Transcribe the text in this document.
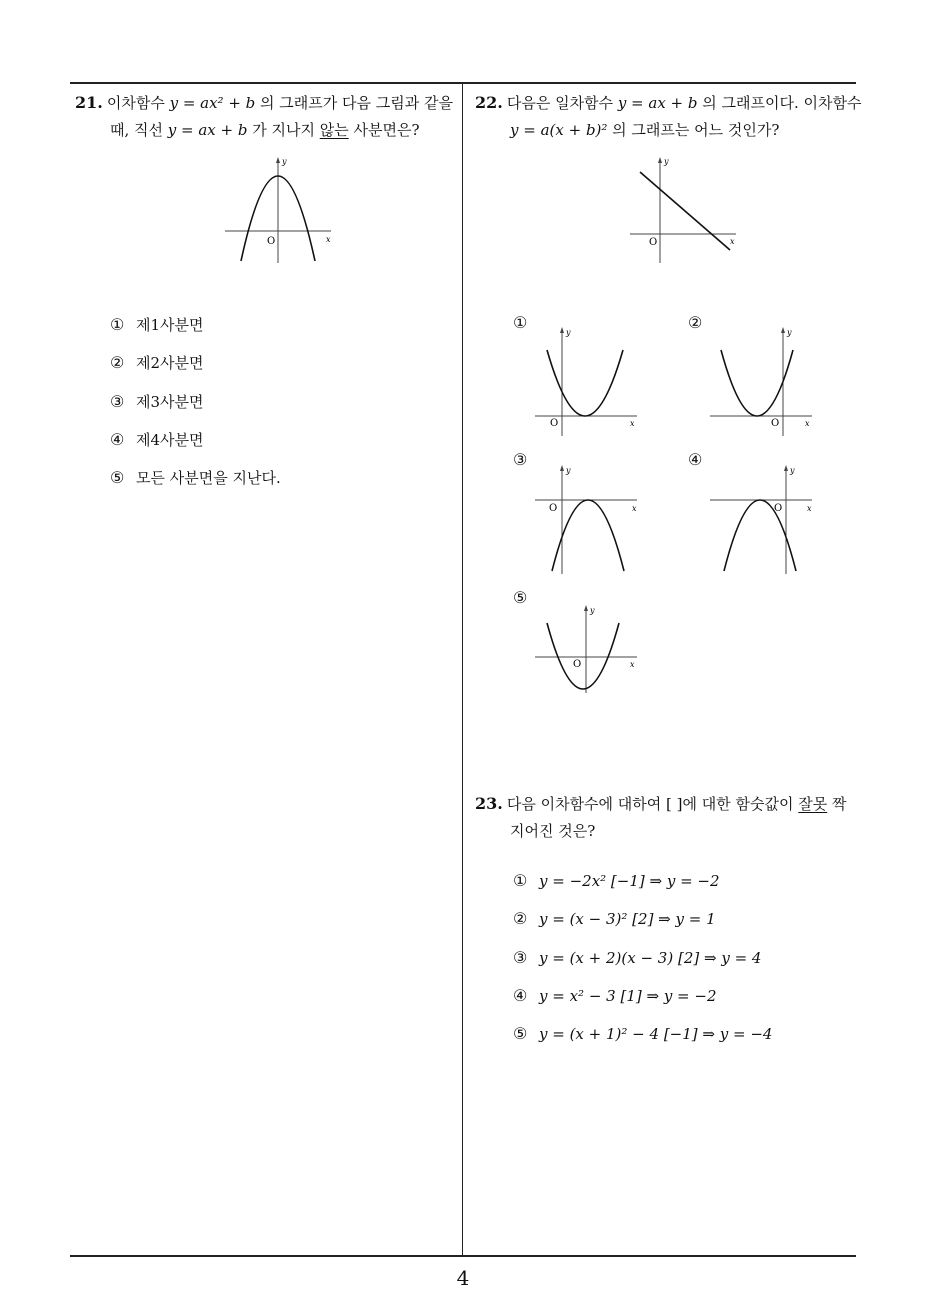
21. 이차함수 y = ax² + b 의 그래프가 다음 그림과 같을
때, 직선 y = ax + b 가 지나지 않는 사분면은?
O	x
y
① 제1사분면
② 제2사분면
③ 제3사분면
④ 제4사분면
⑤ 모든 사분면을 지난다.
22. 다음은 일차함수 y = ax + b 의 그래프이다. 이차함수
y = a(x + b)² 의 그래프는 어느 것인가?
O	x
y
①	②
③	④
⑤
O	x
y
O	x
y
O	x
y
O	x
y
O	x
y
23. 다음 이차함수에 대하여 [ ]에 대한 함숫값이 잘못 짝
지어진 것은?
① y = −2x² [−1] ⇒ y = −2
② y = (x − 3)² [2] ⇒ y = 1
③ y = (x + 2)(x − 3) [2] ⇒ y = 4
④ y = x² − 3 [1] ⇒ y = −2
⑤ y = (x + 1)² − 4 [−1] ⇒ y = −4
4
